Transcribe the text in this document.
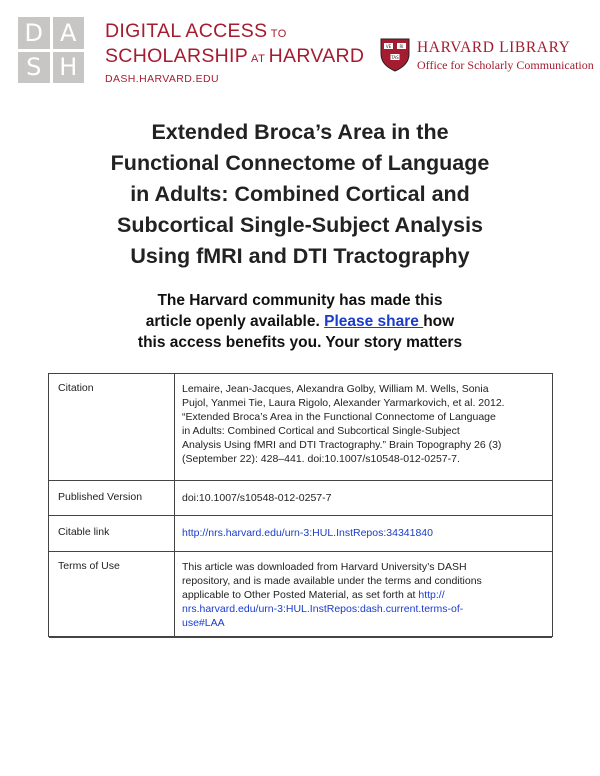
D A
S H
DIGITAL ACCESS TO
SCHOLARSHIP AT HARVARD
DASH.HARVARD.EDU
VE RI
TAS
HARVARD LIBRARY
Office for Scholarly Communication
Extended Broca’s Area in the
Functional Connectome of Language
in Adults: Combined Cortical and
Subcortical Single-Subject Analysis
Using fMRI and DTI Tractography
The Harvard community has made this
article openly available. Please share how
this access benefits you. Your story matters
Citation	Lemaire, Jean-Jacques, Alexandra Golby, William M. Wells, Sonia
Pujol, Yanmei Tie, Laura Rigolo, Alexander Yarmarkovich, et al. 2012.
“Extended Broca’s Area in the Functional Connectome of Language
in Adults: Combined Cortical and Subcortical Single-Subject
Analysis Using fMRI and DTI Tractography.” Brain Topography 26 (3)
(September 22): 428–441. doi:10.1007/s10548-012-0257-7.
Published Version	doi:10.1007/s10548-012-0257-7
Citable link	http://nrs.harvard.edu/urn-3:HUL.InstRepos:34341840
Terms of Use	This article was downloaded from Harvard University’s DASH
repository, and is made available under the terms and conditions
applicable to Other Posted Material, as set forth at http://
nrs.harvard.edu/urn-3:HUL.InstRepos:dash.current.terms-of-
use#LAA
